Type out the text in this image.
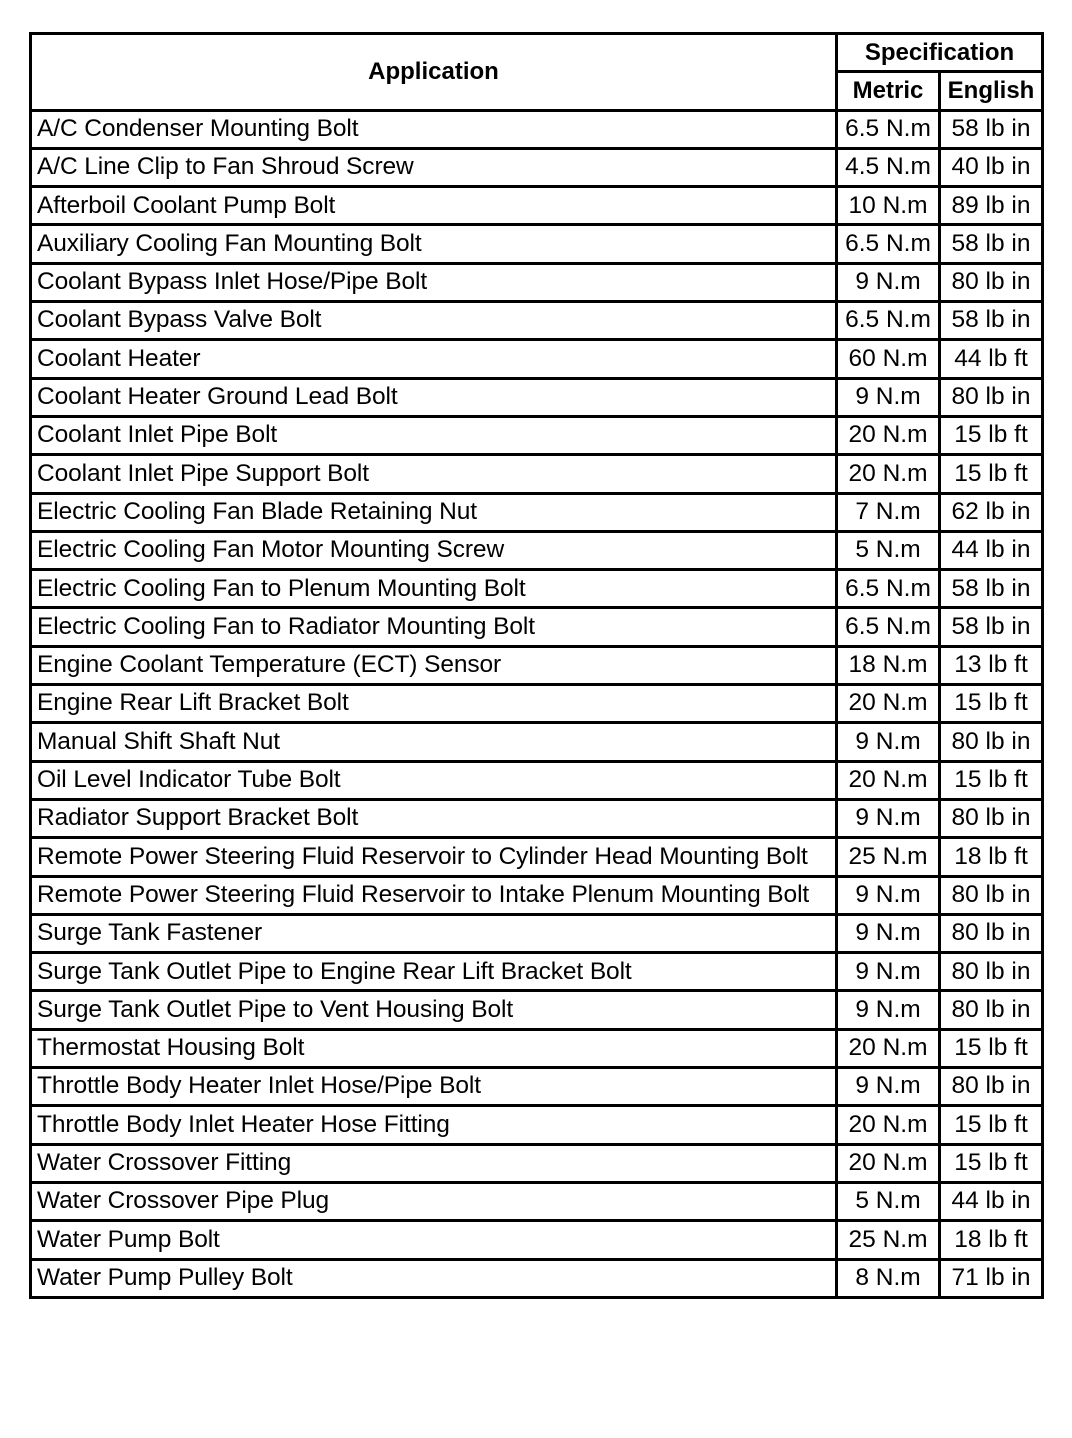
Application	Specification	
	Metric	English
A/C Condenser Mounting Bolt	6.5 N.m	58 lb in
A/C Line Clip to Fan Shroud Screw	4.5 N.m	40 lb in
Afterboil Coolant Pump Bolt	10 N.m	89 lb in
Auxiliary Cooling Fan Mounting Bolt	6.5 N.m	58 lb in
Coolant Bypass Inlet Hose/Pipe Bolt	9 N.m	80 lb in
Coolant Bypass Valve Bolt	6.5 N.m	58 lb in
Coolant Heater	60 N.m	44 lb ft
Coolant Heater Ground Lead Bolt	9 N.m	80 lb in
Coolant Inlet Pipe Bolt	20 N.m	15 lb ft
Coolant Inlet Pipe Support Bolt	20 N.m	15 lb ft
Electric Cooling Fan Blade Retaining Nut	7 N.m	62 lb in
Electric Cooling Fan Motor Mounting Screw	5 N.m	44 lb in
Electric Cooling Fan to Plenum Mounting Bolt	6.5 N.m	58 lb in
Electric Cooling Fan to Radiator Mounting Bolt	6.5 N.m	58 lb in
Engine Coolant Temperature (ECT) Sensor	18 N.m	13 lb ft
Engine Rear Lift Bracket Bolt	20 N.m	15 lb ft
Manual Shift Shaft Nut	9 N.m	80 lb in
Oil Level Indicator Tube Bolt	20 N.m	15 lb ft
Radiator Support Bracket Bolt	9 N.m	80 lb in
Remote Power Steering Fluid Reservoir to Cylinder Head Mounting Bolt	25 N.m	18 lb ft
Remote Power Steering Fluid Reservoir to Intake Plenum Mounting Bolt	9 N.m	80 lb in
Surge Tank Fastener	9 N.m	80 lb in
Surge Tank Outlet Pipe to Engine Rear Lift Bracket Bolt	9 N.m	80 lb in
Surge Tank Outlet Pipe to Vent Housing Bolt	9 N.m	80 lb in
Thermostat Housing Bolt	20 N.m	15 lb ft
Throttle Body Heater Inlet Hose/Pipe Bolt	9 N.m	80 lb in
Throttle Body Inlet Heater Hose Fitting	20 N.m	15 lb ft
Water Crossover Fitting	20 N.m	15 lb ft
Water Crossover Pipe Plug	5 N.m	44 lb in
Water Pump Bolt	25 N.m	18 lb ft
Water Pump Pulley Bolt	8 N.m	71 lb in
